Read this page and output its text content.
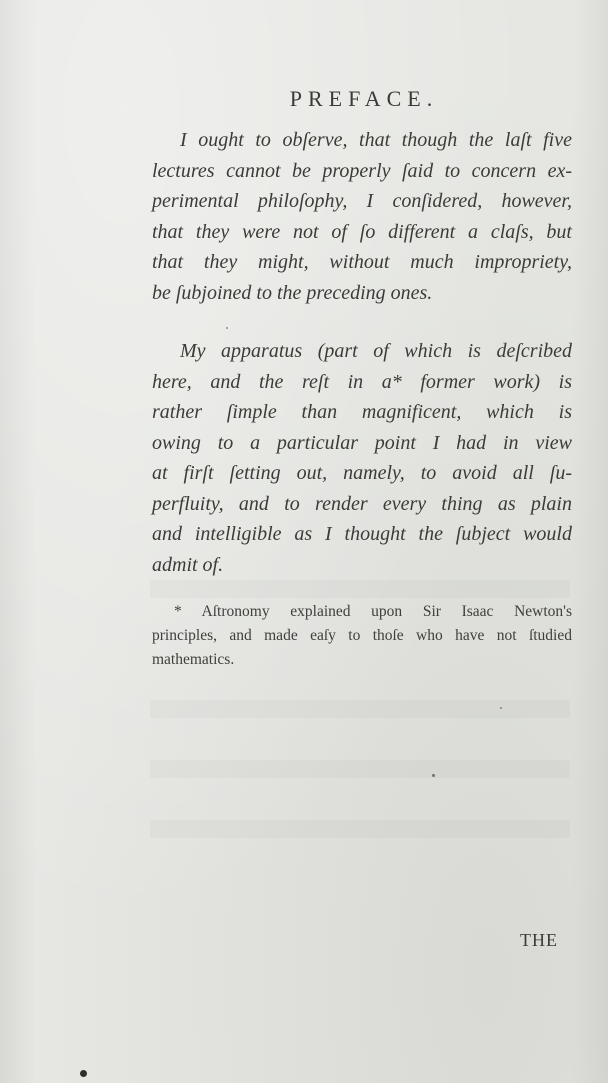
PREFACE.

I ought to obſerve, that though the laſt five
lectures cannot be properly ſaid to concern ex-
perimental philoſophy, I conſidered, however,
that they were not of ſo different a claſs, but
that they might, without much impropriety,
be ſubjoined to the preceding ones.

My apparatus (part of which is deſcribed
here, and the reſt in a* former work) is
rather ſimple than magnificent, which is
owing to a particular point I had in view
at firſt ſetting out, namely, to avoid all ſu-
perfluity, and to render every thing as plain
and intelligible as I thought the ſubject would
admit of.

* Aſtronomy explained upon Sir Isaac Newton's
principles, and made eaſy to thoſe who have not ſtudied
mathematics.
THE
